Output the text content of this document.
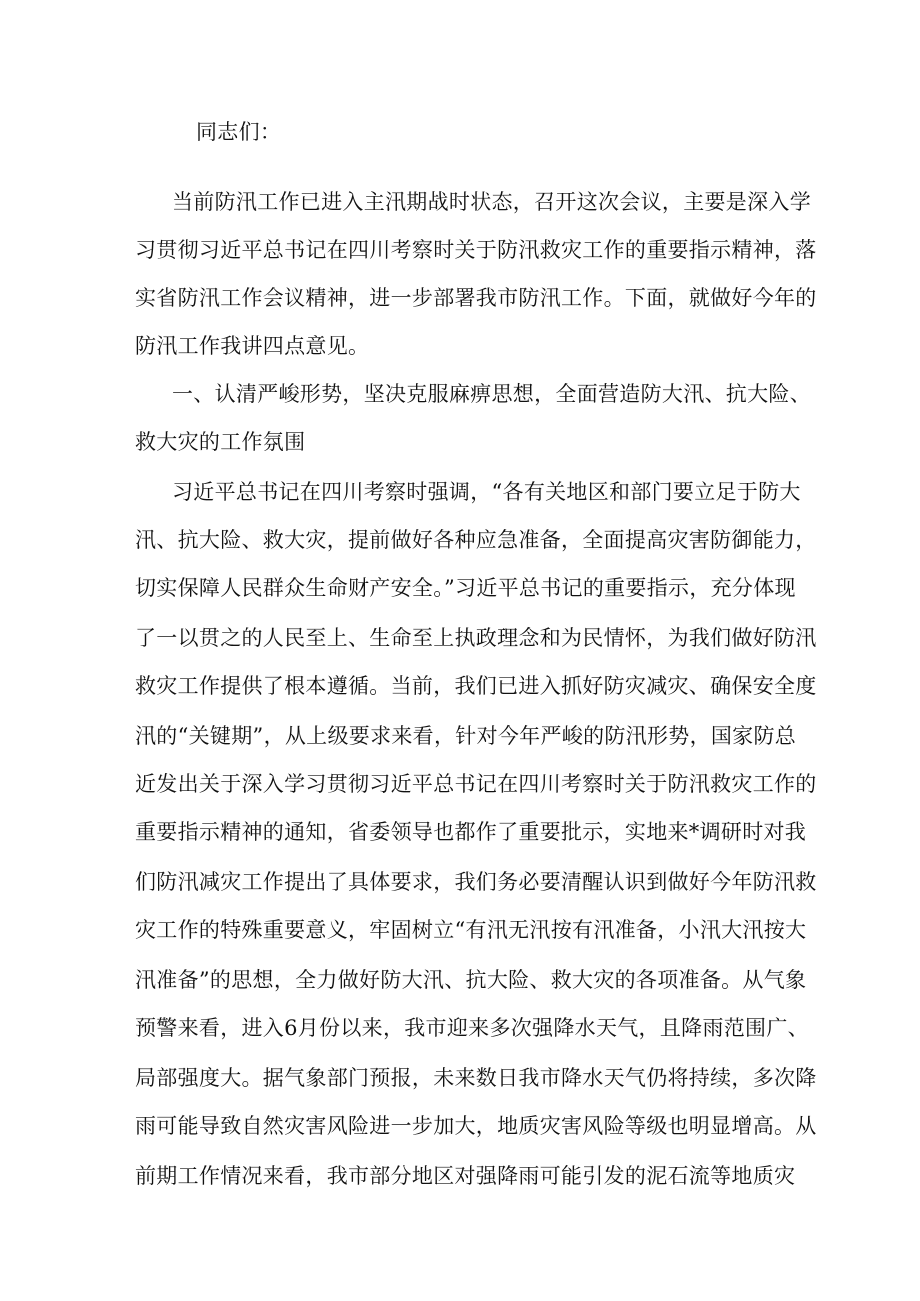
同志们：
当前防汛工作已进入主汛期战时状态，召开这次会议，主要是深入学
习贯彻习近平总书记在四川考察时关于防汛救灾工作的重要指示精神，落
实省防汛工作会议精神，进一步部署我市防汛工作。下面，就做好今年的
防汛工作我讲四点意见。
一、认清严峻形势，坚决克服麻痹思想，全面营造防大汛、抗大险、
救大灾的工作氛围
习近平总书记在四川考察时强调，“各有关地区和部门要立足于防大
汛、抗大险、救大灾，提前做好各种应急准备，全面提高灾害防御能力，
切实保障人民群众生命财产安全。”习近平总书记的重要指示，充分体现
了一以贯之的人民至上、生命至上执政理念和为民情怀，为我们做好防汛
救灾工作提供了根本遵循。当前，我们已进入抓好防灾减灾、确保安全度
汛的“关键期”，从上级要求来看，针对今年严峻的防汛形势，国家防总
近发出关于深入学习贯彻习近平总书记在四川考察时关于防汛救灾工作的
重要指示精神的通知，省委领导也都作了重要批示，实地来*调研时对我
们防汛减灾工作提出了具体要求，我们务必要清醒认识到做好今年防汛救
灾工作的特殊重要意义，牢固树立“有汛无汛按有汛准备，小汛大汛按大
汛准备”的思想，全力做好防大汛、抗大险、救大灾的各项准备。从气象
预警来看，进入6月份以来，我市迎来多次强降水天气，且降雨范围广、
局部强度大。据气象部门预报，未来数日我市降水天气仍将持续，多次降
雨可能导致自然灾害风险进一步加大，地质灾害风险等级也明显增高。从
前期工作情况来看，我市部分地区对强降雨可能引发的泥石流等地质灾
